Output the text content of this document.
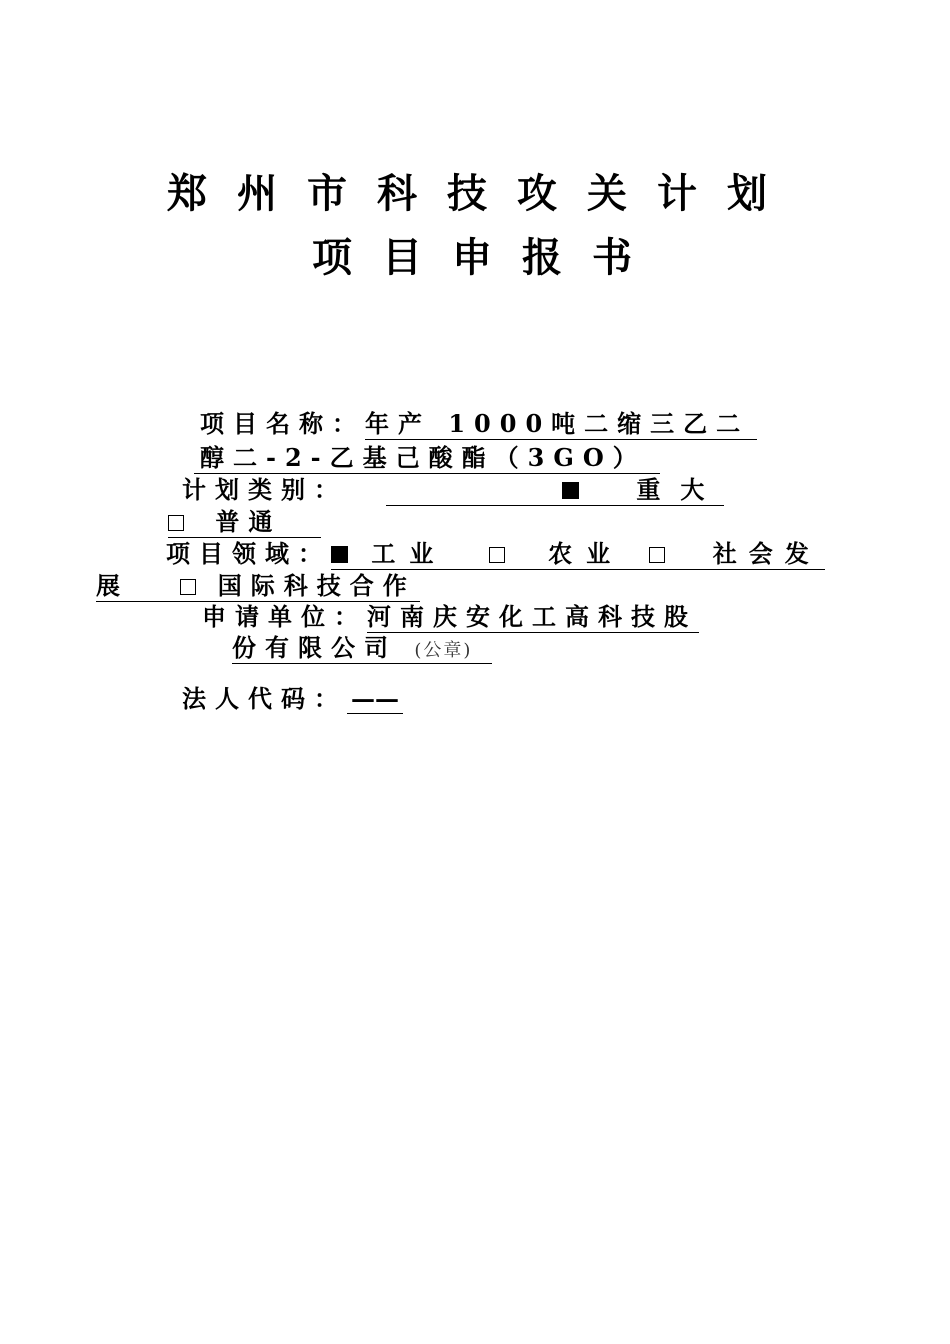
郑州市科技攻关计划
项目申报书
项目名称：年产 1000吨二缩三乙二
醇二-2-乙基己酸酯（3GO）
计划类别：	重大
普通
项目领域： 工业	农业	社会发
展	国际科技合作
申请单位：河南庆安化工高科技股
份有限公司 (公章)
法人代码： ——
